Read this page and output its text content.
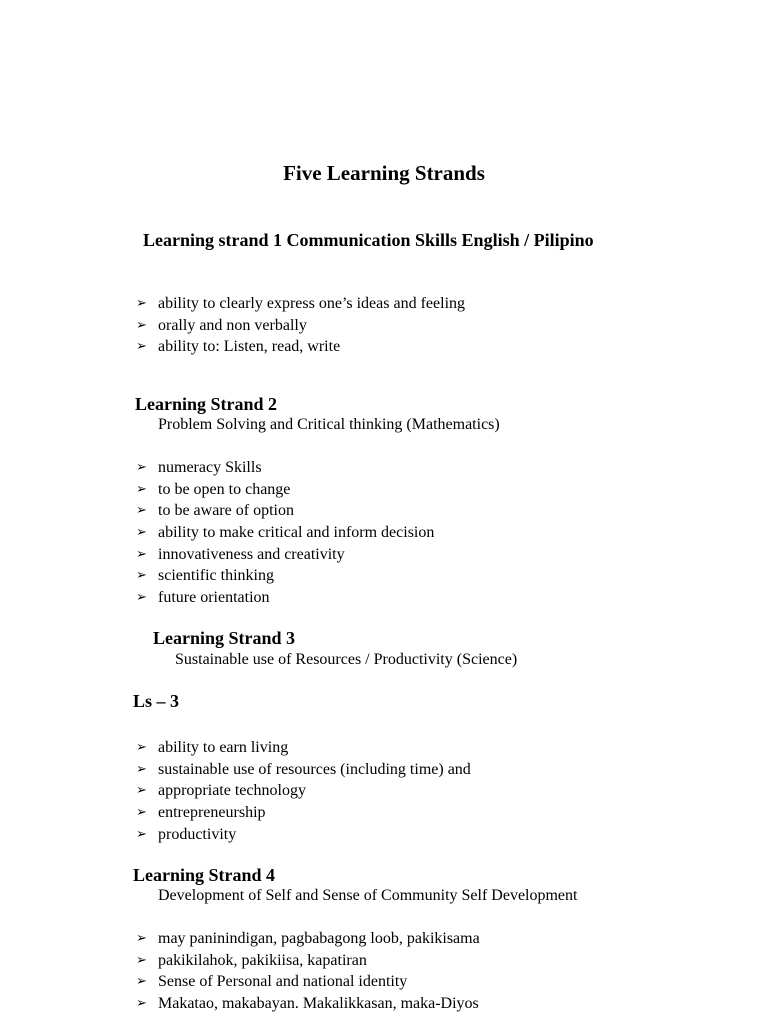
Five Learning Strands
Learning strand 1 Communication Skills English / Pilipino
➢ ability to clearly express one’s ideas and feeling
➢ orally and non verbally
➢ ability to: Listen, read, write
Learning Strand 2
Problem Solving and Critical thinking (Mathematics)
➢ numeracy Skills
➢ to be open to change
➢ to be aware of option
➢ ability to make critical and inform decision
➢ innovativeness and creativity
➢ scientific thinking
➢ future orientation
Learning Strand 3
Sustainable use of Resources / Productivity (Science)
Ls – 3
➢ ability to earn living
➢ sustainable use of resources (including time) and
➢ appropriate technology
➢ entrepreneurship
➢ productivity
Learning Strand 4
Development of Self and Sense of Community Self Development
➢ may paninindigan, pagbabagong loob, pakikisama
➢ pakikilahok, pakikiisa, kapatiran
➢ Sense of Personal and national identity
➢ Makatao, makabayan. Makalikkasan, maka-Diyos
